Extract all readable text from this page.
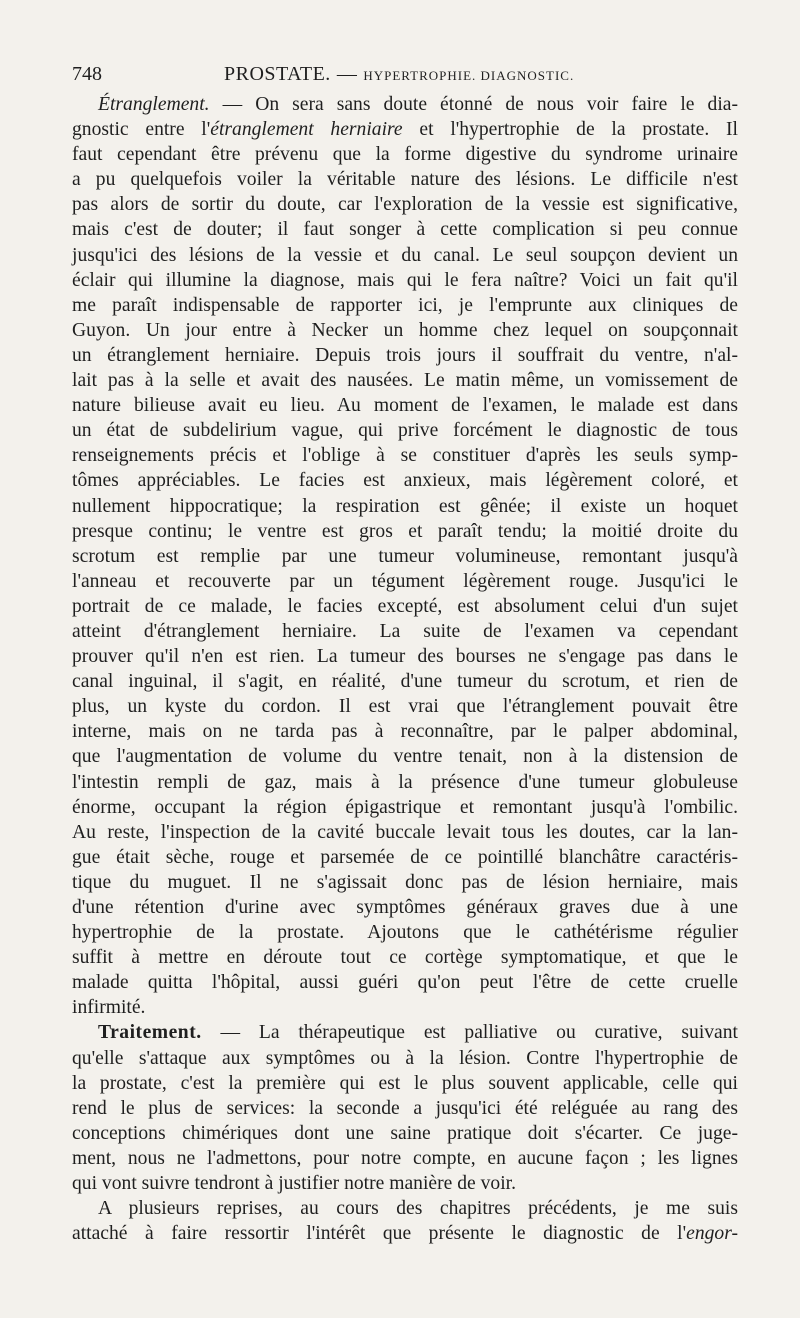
748	PROSTATE. — HYPERTROPHIE. DIAGNOSTIC.
Étranglement. — On sera sans doute étonné de nous voir faire le dia-
gnostic entre l'étranglement herniaire et l'hypertrophie de la prostate. Il
faut cependant être prévenu que la forme digestive du syndrome urinaire
a pu quelquefois voiler la véritable nature des lésions. Le difficile n'est
pas alors de sortir du doute, car l'exploration de la vessie est significative,
mais c'est de douter; il faut songer à cette complication si peu connue
jusqu'ici des lésions de la vessie et du canal. Le seul soupçon devient un
éclair qui illumine la diagnose, mais qui le fera naître? Voici un fait qu'il
me paraît indispensable de rapporter ici, je l'emprunte aux cliniques de
Guyon. Un jour entre à Necker un homme chez lequel on soupçonnait
un étranglement herniaire. Depuis trois jours il souffrait du ventre, n'al-
lait pas à la selle et avait des nausées. Le matin même, un vomissement de
nature bilieuse avait eu lieu. Au moment de l'examen, le malade est dans
un état de subdelirium vague, qui prive forcément le diagnostic de tous
renseignements précis et l'oblige à se constituer d'après les seuls symp-
tômes appréciables. Le facies est anxieux, mais légèrement coloré, et
nullement hippocratique; la respiration est gênée; il existe un hoquet
presque continu; le ventre est gros et paraît tendu; la moitié droite du
scrotum est remplie par une tumeur volumineuse, remontant jusqu'à
l'anneau et recouverte par un tégument légèrement rouge. Jusqu'ici le
portrait de ce malade, le facies excepté, est absolument celui d'un sujet
atteint d'étranglement herniaire. La suite de l'examen va cependant
prouver qu'il n'en est rien. La tumeur des bourses ne s'engage pas dans le
canal inguinal, il s'agit, en réalité, d'une tumeur du scrotum, et rien de
plus, un kyste du cordon. Il est vrai que l'étranglement pouvait être
interne, mais on ne tarda pas à reconnaître, par le palper abdominal,
que l'augmentation de volume du ventre tenait, non à la distension de
l'intestin rempli de gaz, mais à la présence d'une tumeur globuleuse
énorme, occupant la région épigastrique et remontant jusqu'à l'ombilic.
Au reste, l'inspection de la cavité buccale levait tous les doutes, car la lan-
gue était sèche, rouge et parsemée de ce pointillé blanchâtre caractéris-
tique du muguet. Il ne s'agissait donc pas de lésion herniaire, mais
d'une rétention d'urine avec symptômes généraux graves due à une
hypertrophie de la prostate. Ajoutons que le cathétérisme régulier
suffit à mettre en déroute tout ce cortège symptomatique, et que le
malade quitta l'hôpital, aussi guéri qu'on peut l'être de cette cruelle
infirmité.
Traitement. — La thérapeutique est palliative ou curative, suivant
qu'elle s'attaque aux symptômes ou à la lésion. Contre l'hypertrophie de
la prostate, c'est la première qui est le plus souvent applicable, celle qui
rend le plus de services: la seconde a jusqu'ici été reléguée au rang des
conceptions chimériques dont une saine pratique doit s'écarter. Ce juge-
ment, nous ne l'admettons, pour notre compte, en aucune façon ; les lignes
qui vont suivre tendront à justifier notre manière de voir.
A plusieurs reprises, au cours des chapitres précédents, je me suis
attaché à faire ressortir l'intérêt que présente le diagnostic de l'engor-
